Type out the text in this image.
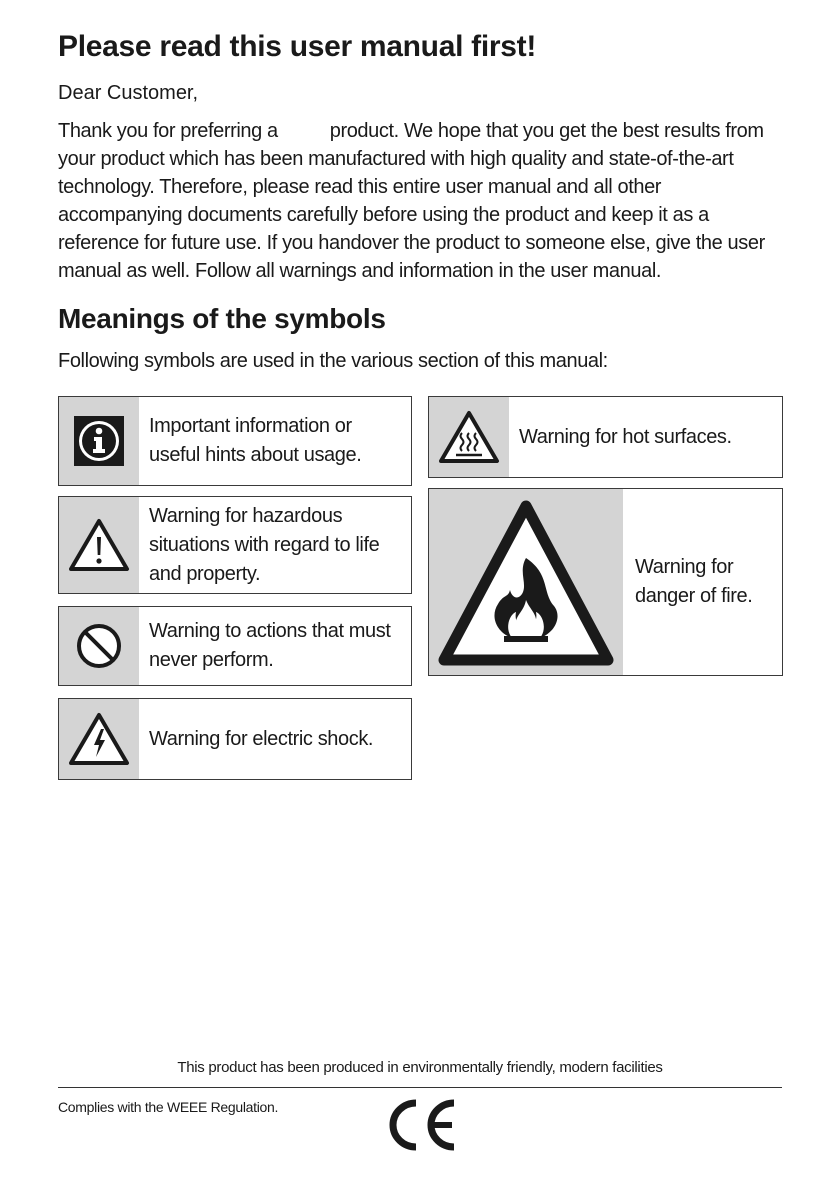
Please read this user manual first!

Dear Customer,

Thank you for preferring a	product. We hope that you get the best results from your product which has been manufactured with high quality and state-of-the-art technology. Therefore, please read this entire user manual and all other accompanying documents carefully before using the product and keep it as a reference for future use. If you handover the product to someone else, give the user manual as well. Follow all warnings and information in the user manual.

Meanings of the symbols

Following symbols are used in the various section of this manual:

Important information or useful hints about usage.
Warning for hazardous situations with regard to life and property.
Warning to actions that must never perform.
Warning for electric shock.
Warning for hot surfaces.
Warning for danger of fire.

This product has been produced in environmentally friendly, modern facilities

Complies with the WEEE Regulation.
